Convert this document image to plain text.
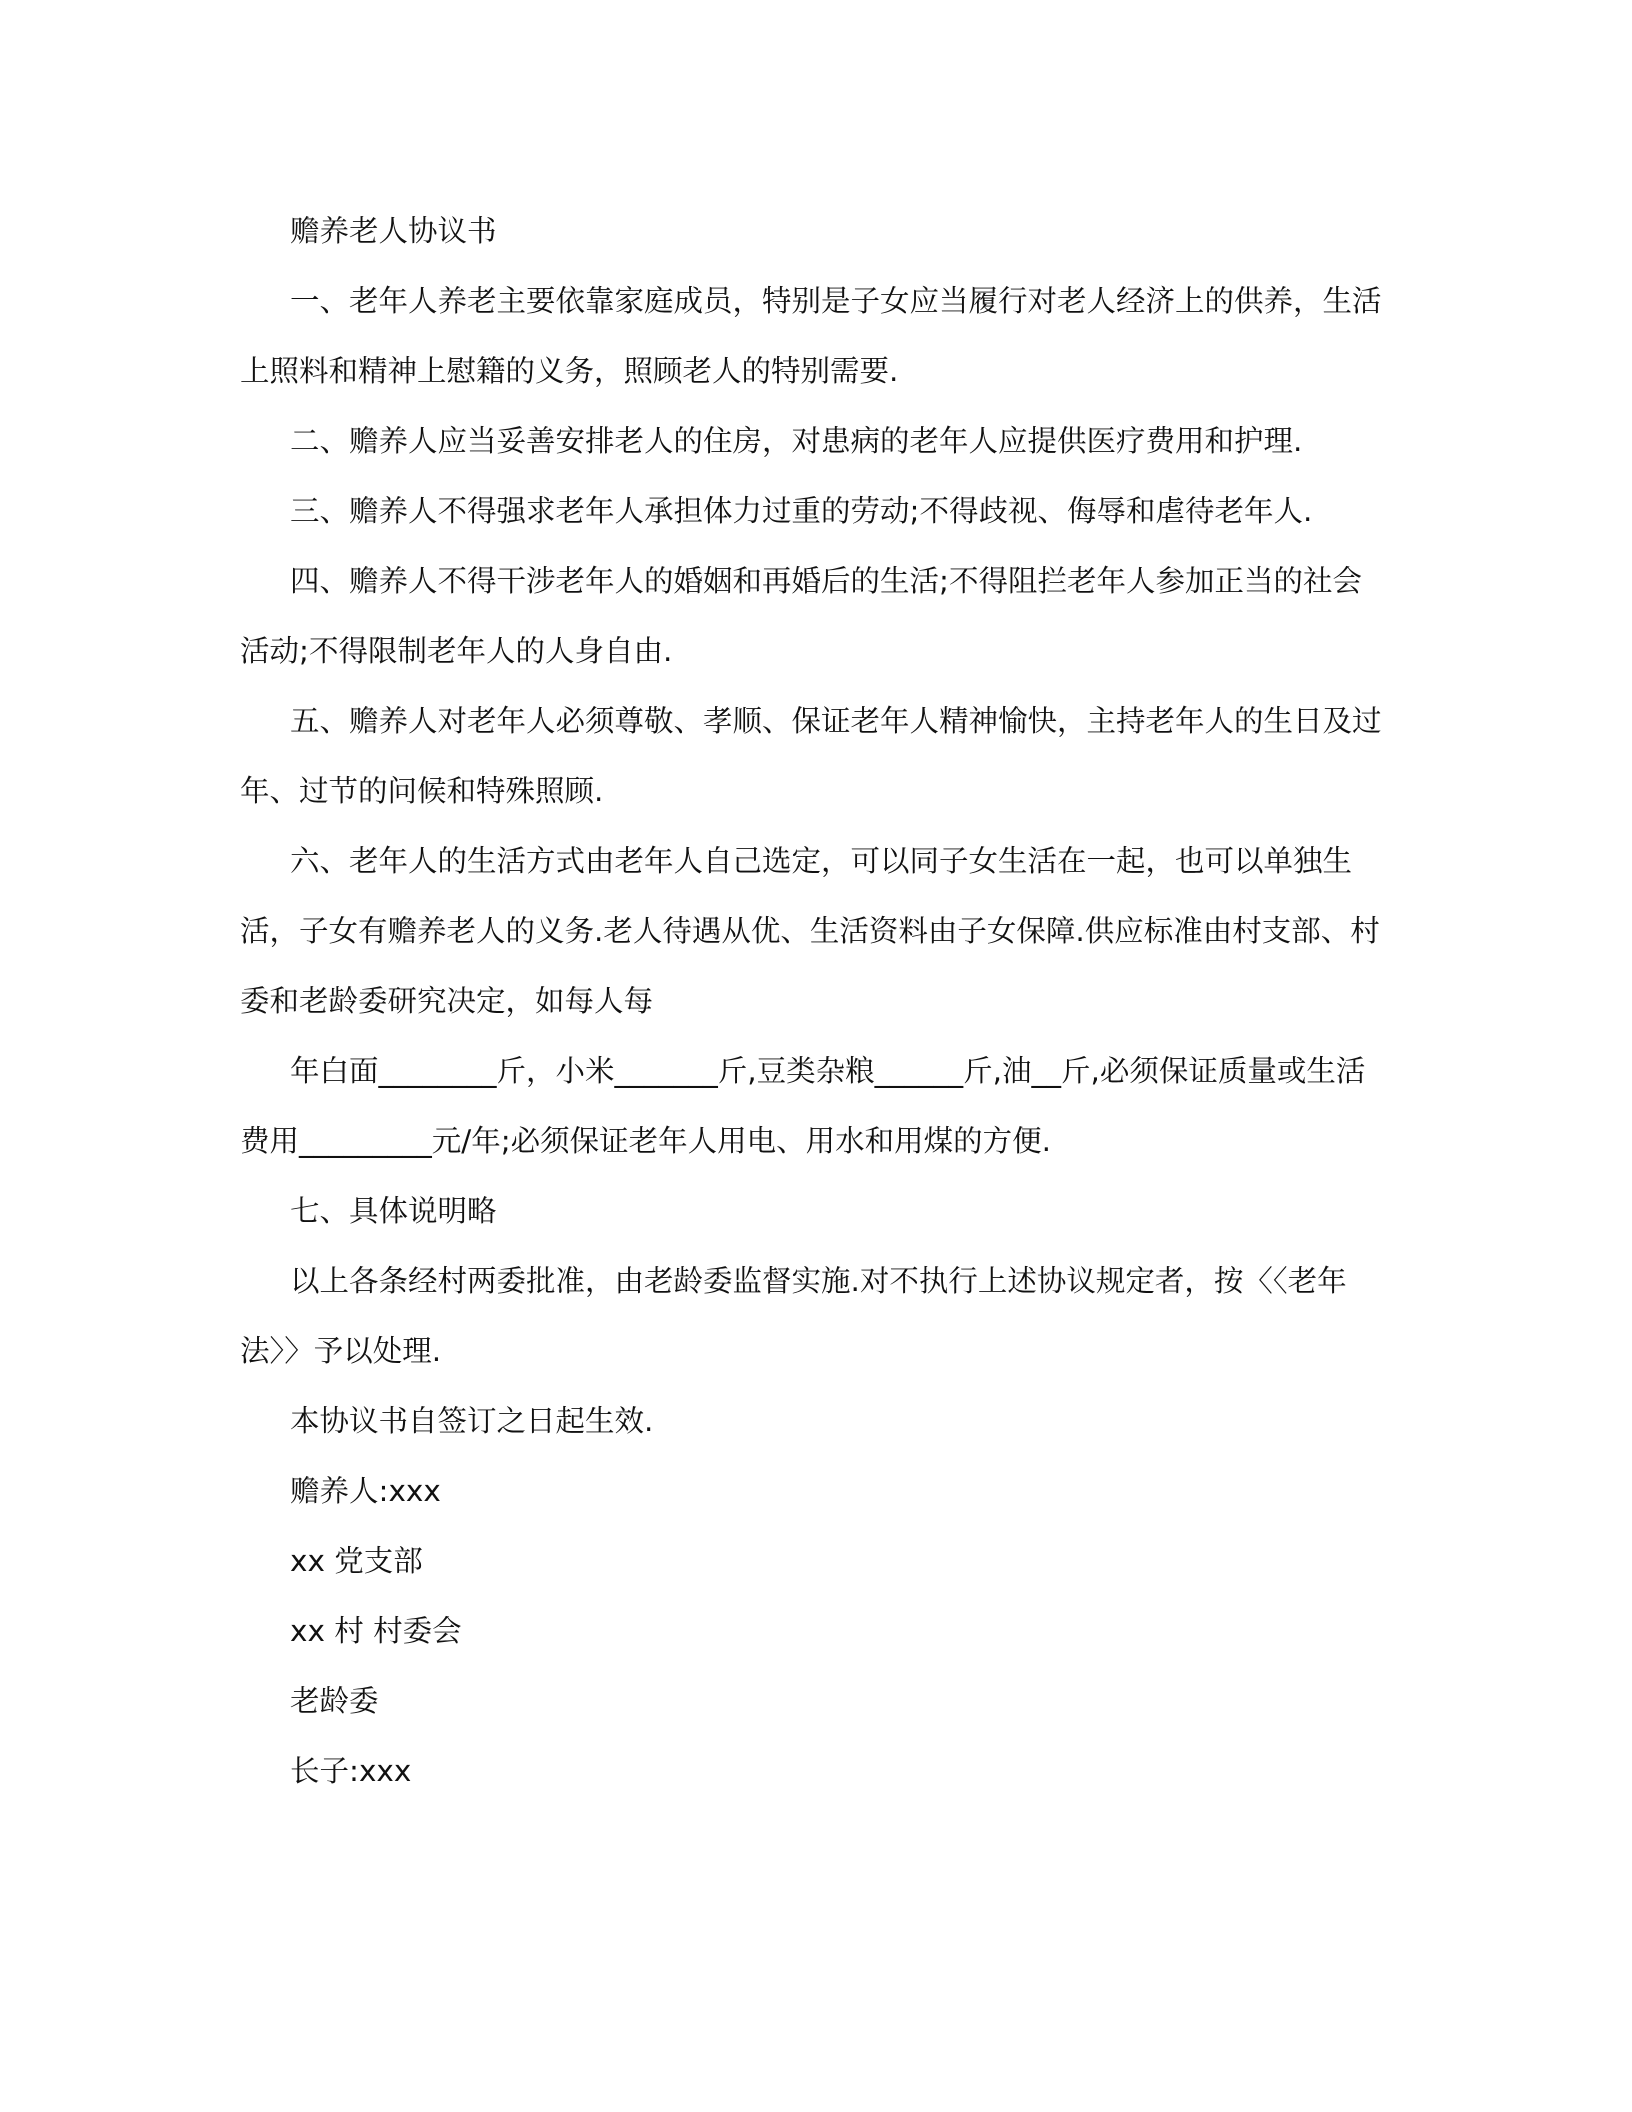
赡养老人协议书

一、老年人养老主要依靠家庭成员，特别是子女应当履行对老人经济上的供养，生活上照料和精神上慰籍的义务，照顾老人的特别需要.

二、赡养人应当妥善安排老人的住房，对患病的老年人应提供医疗费用和护理.

三、赡养人不得强求老年人承担体力过重的劳动;不得歧视、侮辱和虐待老年人.

四、赡养人不得干涉老年人的婚姻和再婚后的生活;不得阻拦老年人参加正当的社会活动;不得限制老年人的人身自由.

五、赡养人对老年人必须尊敬、孝顺、保证老年人精神愉快，主持老年人的生日及过年、过节的问候和特殊照顾.

六、老年人的生活方式由老年人自己选定，可以同子女生活在一起，也可以单独生活，子女有赡养老人的义务.老人待遇从优、生活资料由子女保障.供应标准由村支部、村委和老龄委研究决定，如每人每

年白面________斤，小米_______斤,豆类杂粮______斤,油__斤,必须保证质量或生活费用_________元/年;必须保证老年人用电、用水和用煤的方便.

七、具体说明略

以上各条经村两委批准，由老龄委监督实施.对不执行上述协议规定者，按〈〈老年法〉〉予以处理.

本协议书自签订之日起生效.

赡养人:xxx

xx 党支部

xx 村 村委会

老龄委

长子:xxx
